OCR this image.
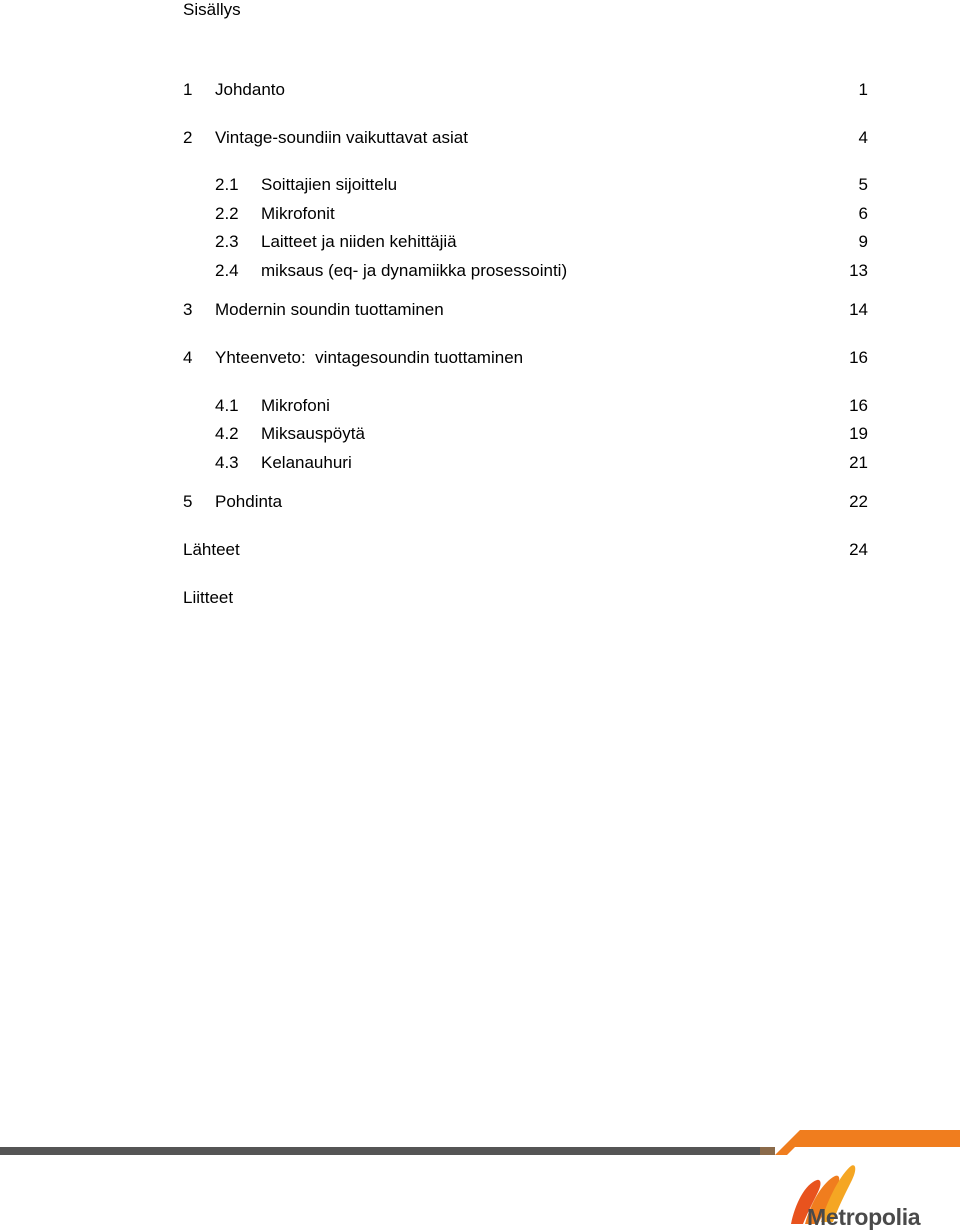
Sisällys
1 Johdanto	1
2 Vintage-soundiin vaikuttavat asiat	4
2.1 Soittajien sijoittelu	5
2.2 Mikrofonit	6
2.3 Laitteet ja niiden kehittäjiä	9
2.4 miksaus (eq- ja dynamiikka prosessointi)	13
3 Modernin soundin tuottaminen	14
4 Yhteenveto:  vintagesoundin tuottaminen	16
4.1 Mikrofoni	16
4.2 Miksauspöytä	19
4.3 Kelanauhuri	21
5 Pohdinta	22
Lähteet	24
Liitteet
Metropolia
